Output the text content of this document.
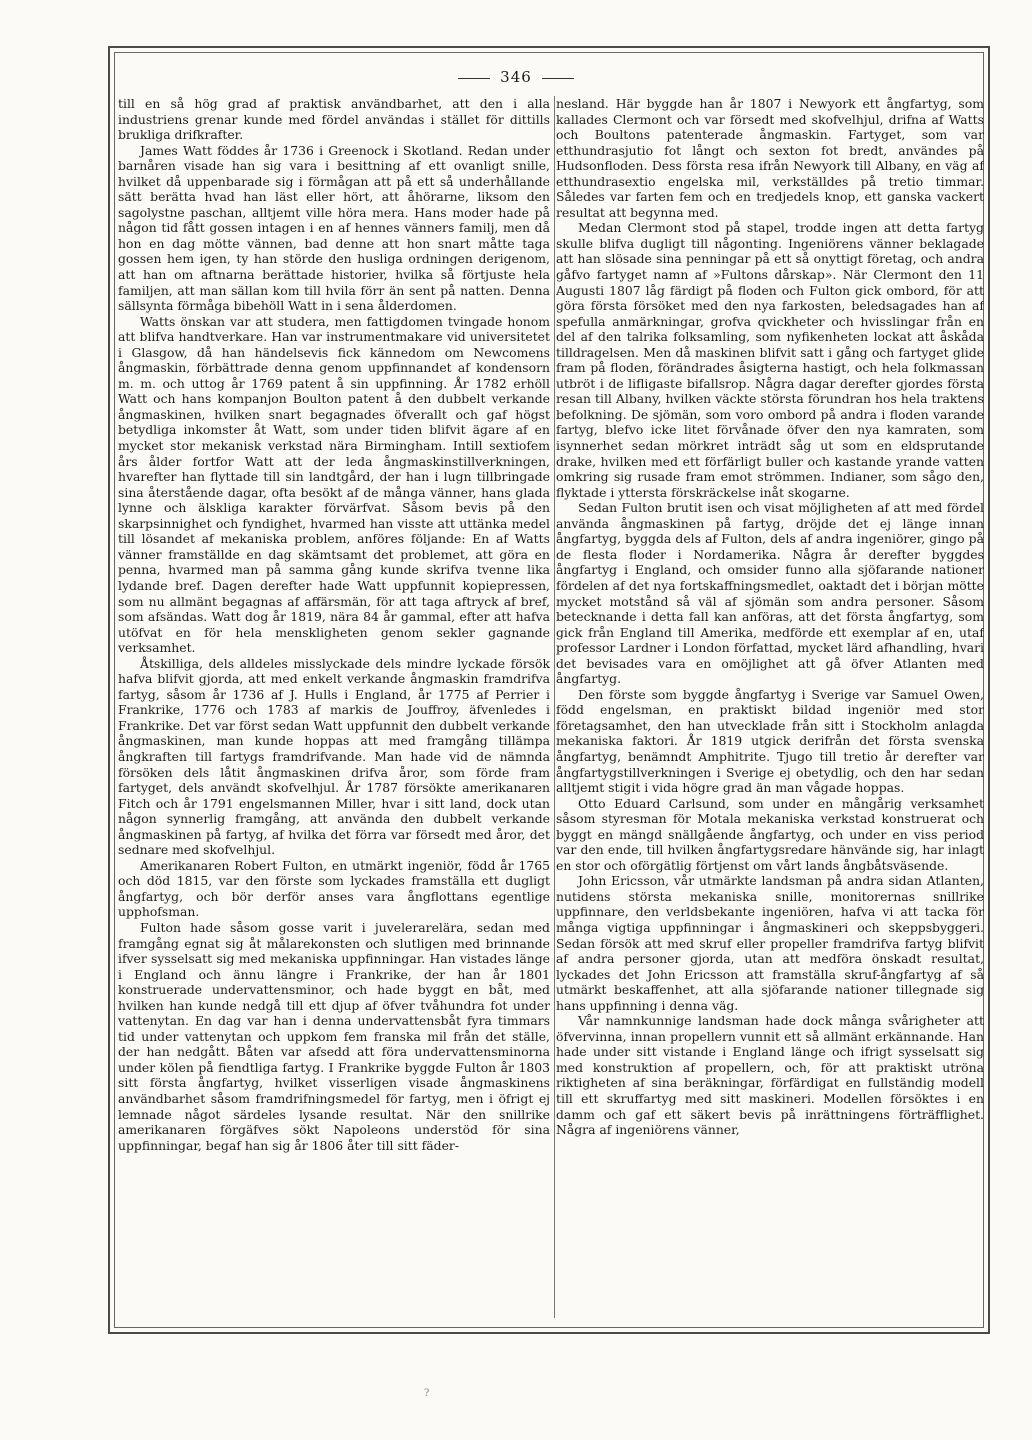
346

till en så hög grad af praktisk användbarhet, att den i alla industriens grenar kunde med fördel användas i stället för dittills brukliga drifkrafter.

James Watt föddes år 1736 i Greenock i Skotland. Redan under barnåren visade han sig vara i besittning af ett ovanligt snille, hvilket då uppenbarade sig i förmågan att på ett så underhållande sätt berätta hvad han läst eller hört, att åhörarne, liksom den sagolystne paschan, alltjemt ville höra mera. Hans moder hade på någon tid fått gossen intagen i en af hennes vänners familj, men då hon en dag mötte vännen, bad denne att hon snart måtte taga gossen hem igen, ty han störde den husliga ordningen derigenom, att han om aftnarna berättade historier, hvilka så förtjuste hela familjen, att man sällan kom till hvila förr än sent på natten. Denna sällsynta förmåga bibehöll Watt in i sena ålderdomen.

Watts önskan var att studera, men fattigdomen tvingade honom att blifva handtverkare. Han var instrumentmakare vid universitetet i Glasgow, då han händelsevis fick kännedom om Newcomens ångmaskin, förbättrade denna genom uppfinnandet af kondensorn m. m. och uttog år 1769 patent å sin uppfinning. År 1782 erhöll Watt och hans kompanjon Boulton patent å den dubbelt verkande ångmaskinen, hvilken snart begagnades öfverallt och gaf högst betydliga inkomster åt Watt, som under tiden blifvit ägare af en mycket stor mekanisk verkstad nära Birmingham. Intill sextiofem års ålder fortfor Watt att der leda ångmaskinstillverkningen, hvarefter han flyttade till sin landtgård, der han i lugn tillbringade sina återstående dagar, ofta besökt af de många vänner, hans glada lynne och älskliga karakter förvärfvat. Såsom bevis på den skarpsinnighet och fyndighet, hvarmed han visste att uttänka medel till lösandet af mekaniska problem, anföres följande: En af Watts vänner framställde en dag skämtsamt det problemet, att göra en penna, hvarmed man på samma gång kunde skrifva tvenne lika lydande bref. Dagen derefter hade Watt uppfunnit kopiepressen, som nu allmänt begagnas af affärsmän, för att taga aftryck af bref, som afsändas. Watt dog år 1819, nära 84 år gammal, efter att hafva utöfvat en för hela menskligheten genom sekler gagnande verksamhet.

Åtskilliga, dels alldeles misslyckade dels mindre lyckade försök hafva blifvit gjorda, att med enkelt verkande ångmaskin framdrifva fartyg, såsom år 1736 af J. Hulls i England, år 1775 af Perrier i Frankrike, 1776 och 1783 af markis de Jouffroy, äfvenledes i Frankrike. Det var först sedan Watt uppfunnit den dubbelt verkande ångmaskinen, man kunde hoppas att med framgång tillämpa ångkraften till fartygs framdrifvande. Man hade vid de nämnda försöken dels låtit ångmaskinen drifva åror, som förde fram fartyget, dels användt skofvelhjul. År 1787 försökte amerikanaren Fitch och år 1791 engelsmannen Miller, hvar i sitt land, dock utan någon synnerlig framgång, att använda den dubbelt verkande ångmaskinen på fartyg, af hvilka det förra var försedt med åror, det sednare med skofvelhjul.

Amerikanaren Robert Fulton, en utmärkt ingeniör, född år 1765 och död 1815, var den förste som lyckades framställa ett dugligt ångfartyg, och bör derför anses vara ångflottans egentlige upphofsman.

Fulton hade såsom gosse varit i juvelerarelära, sedan med framgång egnat sig åt målarekonsten och slutligen med brinnande ifver sysselsatt sig med mekaniska uppfinningar. Han vistades länge i England och ännu längre i Frankrike, der han år 1801 konstruerade undervattensminor, och hade byggt en båt, med hvilken han kunde nedgå till ett djup af öfver tvåhundra fot under vattenytan. En dag var han i denna undervattensbåt fyra timmars tid under vattenytan och uppkom fem franska mil från det ställe, der han nedgått. Båten var afsedd att föra undervattensminorna under kölen på fiendtliga fartyg. I Frankrike byggde Fulton år 1803 sitt första ångfartyg, hvilket visserligen visade ångmaskinens användbarhet såsom framdrifningsmedel för fartyg, men i öfrigt ej lemnade något särdeles lysande resultat. När den snillrike amerikanaren förgäfves sökt Napoleons understöd för sina uppfinningar, begaf han sig år 1806 åter till sitt fäder-

nesland. Här byggde han år 1807 i Newyork ett ångfartyg, som kallades Clermont och var försedt med skofvelhjul, drifna af Watts och Boultons patenterade ångmaskin. Fartyget, som var etthundrasjutio fot långt och sexton fot bredt, användes på Hudsonfloden. Dess första resa ifrån Newyork till Albany, en väg af etthundrasextio engelska mil, verkställdes på tretio timmar. Således var farten fem och en tredjedels knop, ett ganska vackert resultat att begynna med.

Medan Clermont stod på stapel, trodde ingen att detta fartyg skulle blifva dugligt till någonting. Ingeniörens vänner beklagade att han slösade sina penningar på ett så onyttigt företag, och andra gåfvo fartyget namn af »Fultons dårskap». När Clermont den 11 Augusti 1807 låg färdigt på floden och Fulton gick ombord, för att göra första försöket med den nya farkosten, beledsagades han af spefulla anmärkningar, grofva qvickheter och hvisslingar från en del af den talrika folksamling, som nyfikenheten lockat att åskåda tilldragelsen. Men då maskinen blifvit satt i gång och fartyget glide fram på floden, förändrades åsigterna hastigt, och hela folkmassan utbröt i de lifligaste bifallsrop. Några dagar derefter gjordes första resan till Albany, hvilken väckte största förundran hos hela traktens befolkning. De sjömän, som voro ombord på andra i floden varande fartyg, blefvo icke litet förvånade öfver den nya kamraten, som isynnerhet sedan mörkret inträdt såg ut som en eldsprutande drake, hvilken med ett förfärligt buller och kastande yrande vatten omkring sig rusade fram emot strömmen. Indianer, som sågo den, flyktade i yttersta förskräckelse inåt skogarne.

Sedan Fulton brutit isen och visat möjligheten af att med fördel använda ångmaskinen på fartyg, dröjde det ej länge innan ångfartyg, byggda dels af Fulton, dels af andra ingeniörer, gingo på de flesta floder i Nordamerika. Några år derefter byggdes ångfartyg i England, och omsider funno alla sjöfarande nationer fördelen af det nya fortskaffningsmedlet, oaktadt det i början mötte mycket motstånd så väl af sjömän som andra personer. Såsom betecknande i detta fall kan anföras, att det första ångfartyg, som gick från England till Amerika, medförde ett exemplar af en, utaf professor Lardner i London författad, mycket lärd afhandling, hvari det bevisades vara en omöjlighet att gå öfver Atlanten med ångfartyg.

Den förste som byggde ångfartyg i Sverige var Samuel Owen, född engelsman, en praktiskt bildad ingeniör med stor företagsamhet, den han utvecklade från sitt i Stockholm anlagda mekaniska faktori. År 1819 utgick derifrån det första svenska ångfartyg, benämndt Amphitrite. Tjugo till tretio år derefter var ångfartygstillverkningen i Sverige ej obetydlig, och den har sedan alltjemt stigit i vida högre grad än man vågade hoppas.

Otto Eduard Carlsund, som under en mångårig verksamhet såsom styresman för Motala mekaniska verkstad konstruerat och byggt en mängd snällgående ångfartyg, och under en viss period var den ende, till hvilken ångfartygsredare hänvände sig, har inlagt en stor och oförgätlig förtjenst om vårt lands ångbåtsväsende.

John Ericsson, vår utmärkte landsman på andra sidan Atlanten, nutidens största mekaniska snille, monitorernas snillrike uppfinnare, den verldsbekante ingeniören, hafva vi att tacka för många vigtiga uppfinningar i ångmaskineri och skeppsbyggeri. Sedan försök att med skruf eller propeller framdrifva fartyg blifvit af andra personer gjorda, utan att medföra önskadt resultat, lyckades det John Ericsson att framställa skruf-ångfartyg af så utmärkt beskaffenhet, att alla sjöfarande nationer tillegnade sig hans uppfinning i denna väg.

Vår namnkunnige landsman hade dock många svårigheter att öfvervinna, innan propellern vunnit ett så allmänt erkännande. Han hade under sitt vistande i England länge och ifrigt sysselsatt sig med konstruktion af propellern, och, för att praktiskt utröna riktigheten af sina beräkningar, förfärdigat en fullständig modell till ett skruffartyg med sitt maskineri. Modellen försöktes i en damm och gaf ett säkert bevis på inrättningens förträfflighet. Några af ingeniörens vänner,

?
